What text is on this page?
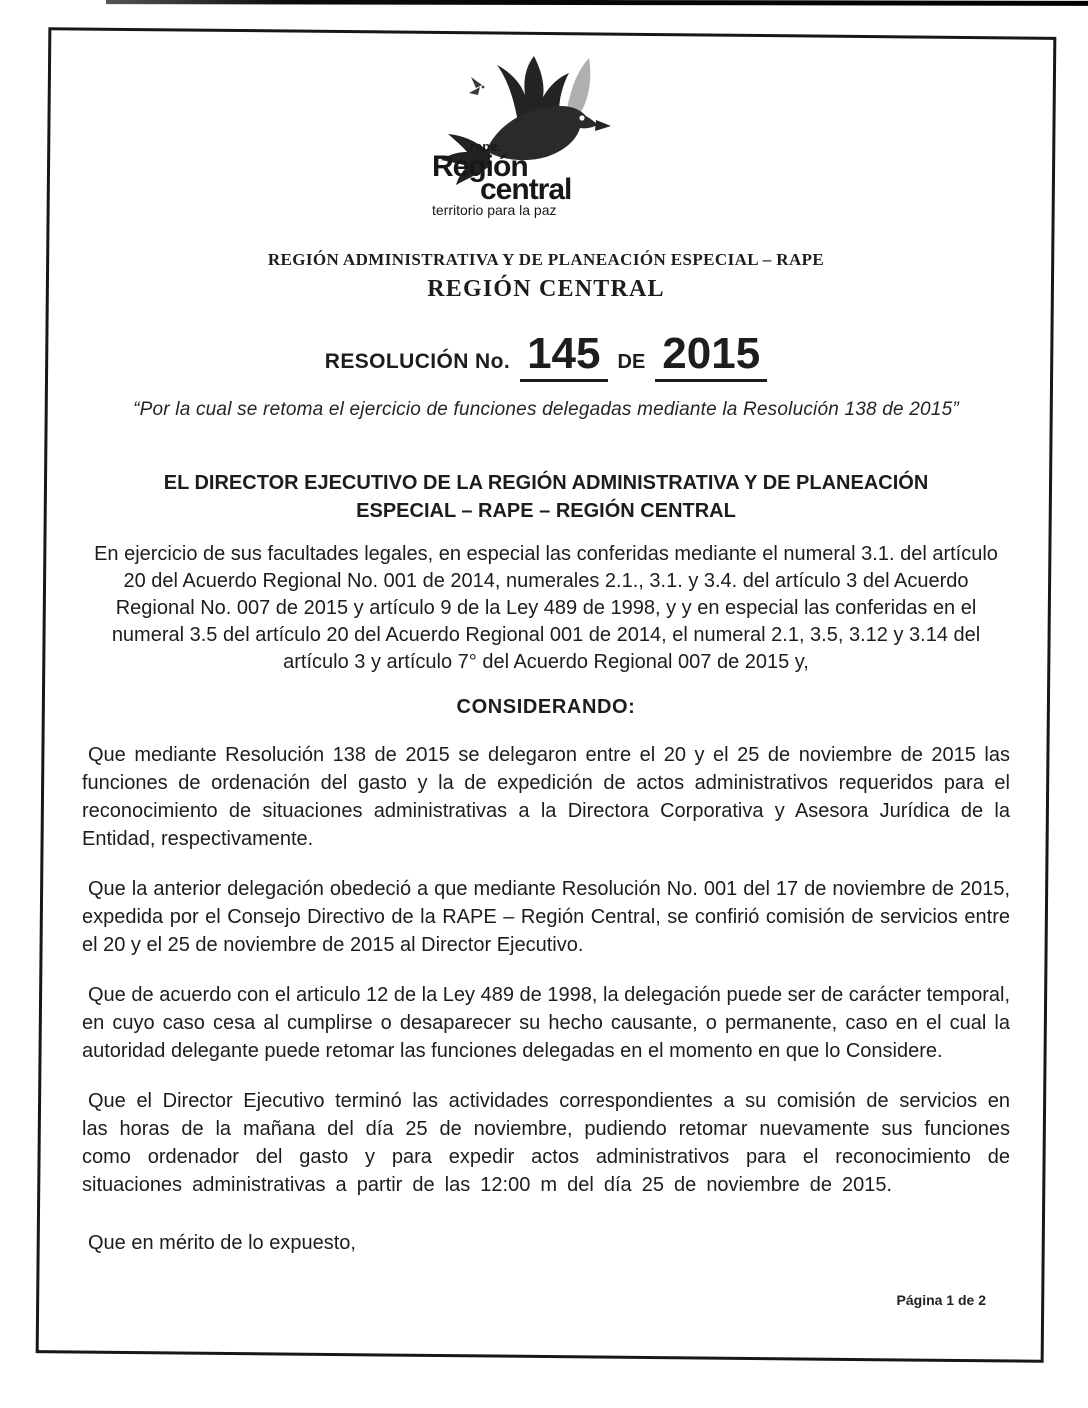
rape.
Región
central
territorio para la paz
REGIÓN ADMINISTRATIVA Y DE PLANEACIÓN ESPECIAL – RAPE
REGIÓN CENTRAL
RESOLUCIÓN No. 145 DE 2015
“Por la cual se retoma el ejercicio de funciones delegadas mediante la Resolución 138 de 2015”
EL DIRECTOR EJECUTIVO DE LA REGIÓN ADMINISTRATIVA Y DE PLANEACIÓN
ESPECIAL – RAPE – REGIÓN CENTRAL
En ejercicio de sus facultades legales, en especial las conferidas mediante el numeral 3.1. del artículo 20 del Acuerdo Regional No. 001 de 2014, numerales 2.1., 3.1. y 3.4. del artículo 3 del Acuerdo Regional No. 007 de 2015 y artículo 9 de la Ley 489 de 1998, y y en especial las conferidas en el numeral 3.5 del artículo 20 del Acuerdo Regional 001 de 2014, el numeral 2.1, 3.5, 3.12 y 3.14 del artículo 3 y artículo 7° del Acuerdo Regional 007 de 2015 y,
CONSIDERANDO:

Que mediante Resolución 138 de 2015 se delegaron entre el 20 y el 25 de noviembre de 2015 las funciones de ordenación del gasto y la de expedición de actos administrativos requeridos para el reconocimiento de situaciones administrativas a la Directora Corporativa y Asesora Jurídica de la Entidad, respectivamente.

Que la anterior delegación obedeció a que mediante Resolución No. 001 del 17 de noviembre de 2015, expedida por el Consejo Directivo de la RAPE – Región Central, se confirió comisión de servicios entre el 20 y el 25 de noviembre de 2015 al Director Ejecutivo.

Que de acuerdo con el articulo 12 de la Ley 489 de 1998, la delegación puede ser de carácter temporal, en cuyo caso cesa al cumplirse o desaparecer su hecho causante, o permanente, caso en el cual la autoridad delegante puede retomar las funciones delegadas en el momento en que lo Considere.

Que el Director Ejecutivo terminó las actividades correspondientes a su comisión de servicios en las horas de la mañana del día 25 de noviembre, pudiendo retomar nuevamente sus funciones como ordenador del gasto y para expedir actos administrativos para el reconocimiento de situaciones administrativas a partir de las 12:00 m del día 25 de noviembre de 2015.

Que en mérito de lo expuesto,

Página 1 de 2
